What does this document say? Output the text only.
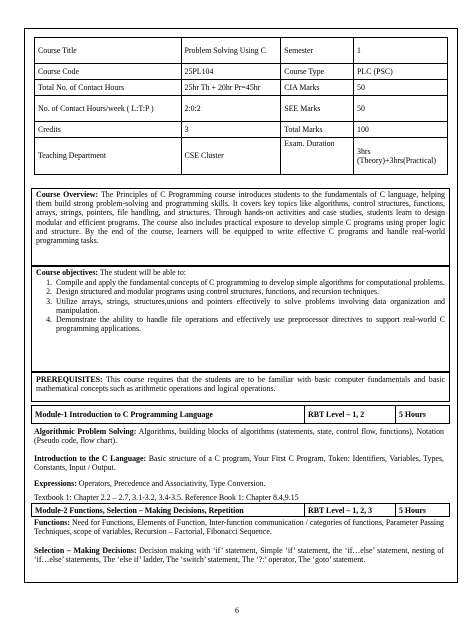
Course Title	Problem Solving Using C	Semester	1
Course Code	25PL104	Course Type	PLC (PSC)
Total No. of Contact Hours	25hr Th + 20hr Pr=45hr	CIA Marks	50
No. of Contact Hours/week ( L:T:P )	2:0:2	SEE Marks	50
Credits	3	Total Marks	100
Teaching Department	CSE Cluster	Exam. Duration	3hrs (Theory)+3hrs(Practical)
Course Overview: The Principles of C Programming course introduces students to the fundamentals of C language, helping them build strong problem-solving and programming skills. It covers key topics like algorithms, control structures, functions, arrays, strings, pointers, file handling, and structures. Through hands-on activities and case studies, students learn to design modular and efficient programs. The course also includes practical exposure to develop simple C programs using proper logic and structure. By the end of the course, learners will be equipped to write effective C programs and handle real-world programming tasks.
Course objectives: The student will be able to:
1. Compile and apply the fundamental concepts of C programming to develop simple algorithms for computational problems.
2. Design structured and modular programs using control structures, functions, and recursion techniques.
3. Utilize arrays, strings, structures,unions and pointers effectively to solve problems involving data organization and manipulation.
4. Demonstrate the ability to handle file operations and effectively use preprocessor directives to support real-world C programming applications.
PREREQUISITES: This course requires that the students are to be familiar with basic computer fundamentals and basic mathematical concepts such as arithmetic operations and logical operations.
Module-1 Introduction to C Programming Language	RBT Level – 1, 2	5 Hours
Algorithmic Problem Solving: Algorithms, building blocks of algorithms (statements, state, control flow, functions), Notation (Pseudo code, flow chart).
Introduction to the C Language: Basic structure of a C program, Your First C Program, Token: Identifiers, Variables, Types, Constants, Input / Output.
Expressions: Operators, Precedence and Associativity, Type Conversion.
Textbook 1: Chapter 2.2 – 2.7, 3.1-3.2, 3.4-3.5. Reference Book 1: Chapter 8.4,9.15
Module-2 Functions, Selection – Making Decisions, Repetition	RBT Level – 1, 2, 3	5 Hours
Functions: Need for Functions, Elements of Function, Inter-function communication / categories of functions, Parameter Passing Techniques, scope of variables, Recursion – Factorial, Fibonacci Sequence.
Selection – Making Decisions: Decision making with ‘if’ statement, Simple ‘if’ statement, the ‘if…else’ statement, nesting of ‘if…else’ statements, The ‘else if’ ladder, The ‘switch’ statement, The ‘?:’ operator, The ‘goto’ statement.
6
